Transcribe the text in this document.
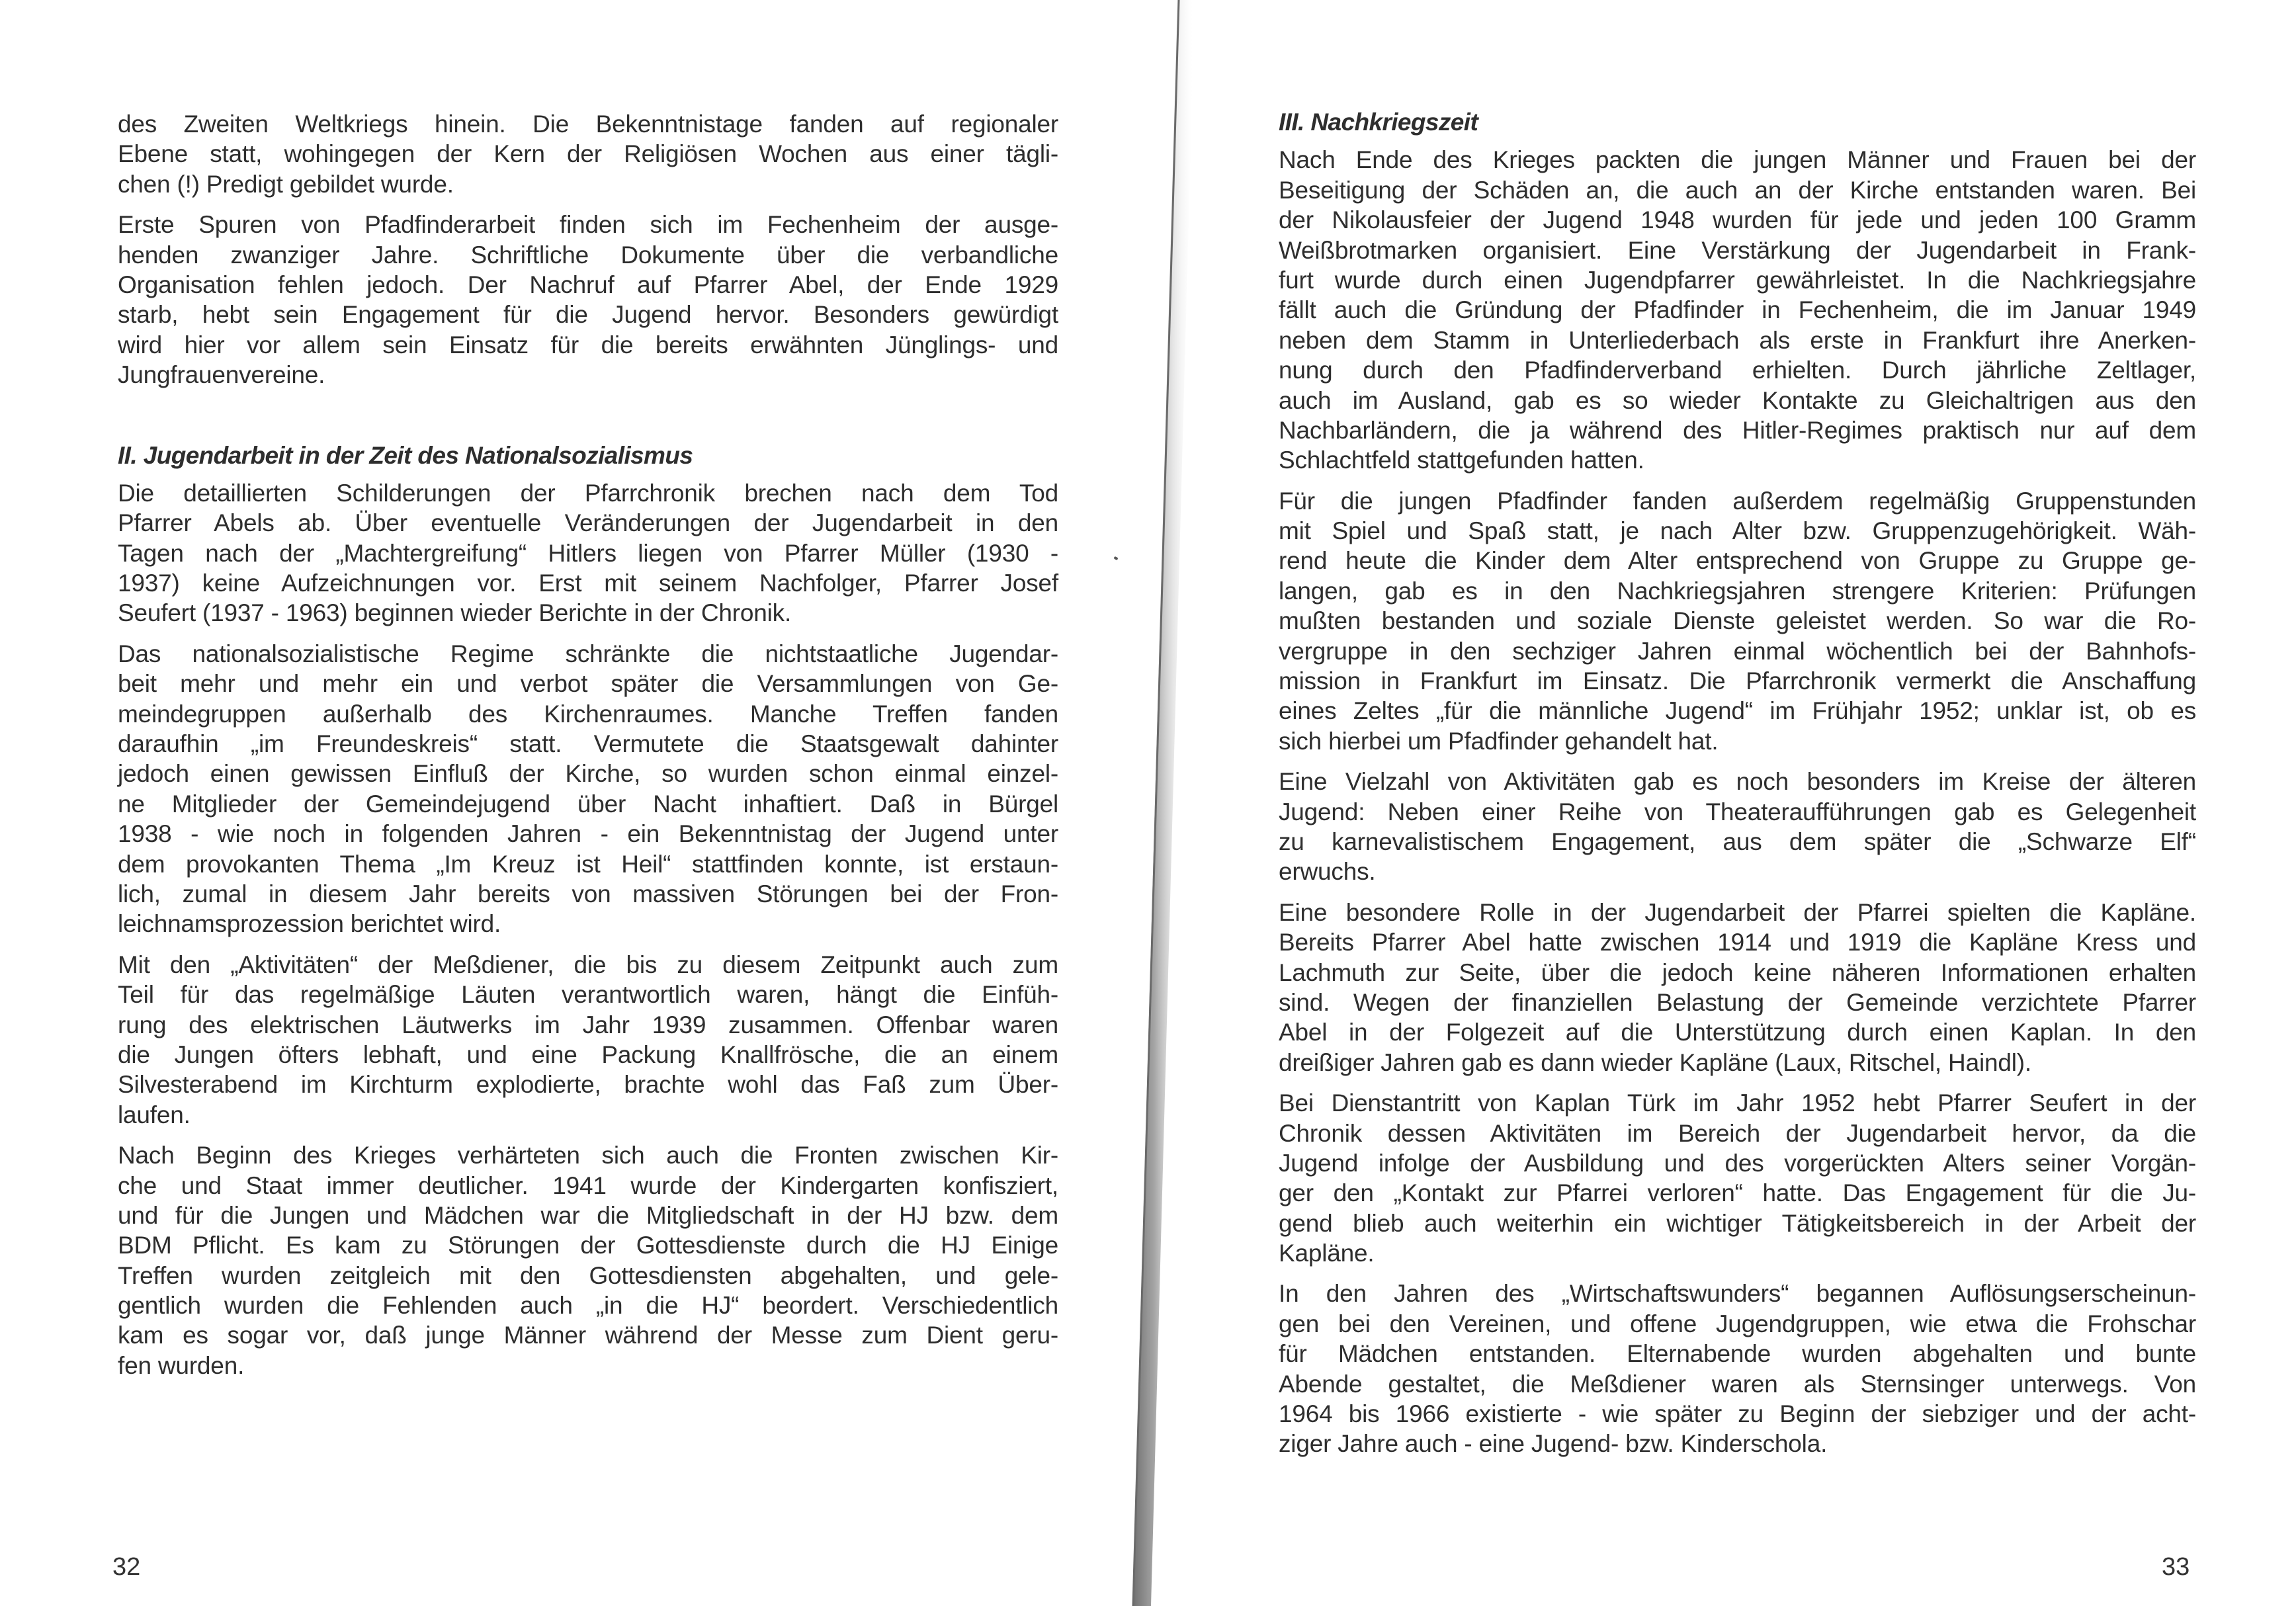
des Zweiten Weltkriegs hinein. Die Bekenntnistage fanden auf regionaler
Ebene statt, wohingegen der Kern der Religiösen Wochen aus einer tägli-
chen (!) Predigt gebildet wurde.
Erste Spuren von Pfadfinderarbeit finden sich im Fechenheim der ausge-
henden zwanziger Jahre. Schriftliche Dokumente über die verbandliche
Organisation fehlen jedoch. Der Nachruf auf Pfarrer Abel, der Ende 1929
starb, hebt sein Engagement für die Jugend hervor. Besonders gewürdigt
wird hier vor allem sein Einsatz für die bereits erwähnten Jünglings- und
Jungfrauenvereine.
II. Jugendarbeit in der Zeit des Nationalsozialismus
Die detaillierten Schilderungen der Pfarrchronik brechen nach dem Tod
Pfarrer Abels ab. Über eventuelle Veränderungen der Jugendarbeit in den
Tagen nach der „Machtergreifung“ Hitlers liegen von Pfarrer Müller (1930 -
1937) keine Aufzeichnungen vor. Erst mit seinem Nachfolger, Pfarrer Josef
Seufert (1937 - 1963) beginnen wieder Berichte in der Chronik.
Das nationalsozialistische Regime schränkte die nichtstaatliche Jugendar-
beit mehr und mehr ein und verbot später die Versammlungen von Ge-
meindegruppen außerhalb des Kirchenraumes. Manche Treffen fanden
daraufhin „im Freundeskreis“ statt. Vermutete die Staatsgewalt dahinter
jedoch einen gewissen Einfluß der Kirche, so wurden schon einmal einzel-
ne Mitglieder der Gemeindejugend über Nacht inhaftiert. Daß in Bürgel
1938 - wie noch in folgenden Jahren - ein Bekenntnistag der Jugend unter
dem provokanten Thema „Im Kreuz ist Heil“ stattfinden konnte, ist erstaun-
lich, zumal in diesem Jahr bereits von massiven Störungen bei der Fron-
leichnamsprozession berichtet wird.
Mit den „Aktivitäten“ der Meßdiener, die bis zu diesem Zeitpunkt auch zum
Teil für das regelmäßige Läuten verantwortlich waren, hängt die Einfüh-
rung des elektrischen Läutwerks im Jahr 1939 zusammen. Offenbar waren
die Jungen öfters lebhaft, und eine Packung Knallfrösche, die an einem
Silvesterabend im Kirchturm explodierte, brachte wohl das Faß zum Über-
laufen.
Nach Beginn des Krieges verhärteten sich auch die Fronten zwischen Kir-
che und Staat immer deutlicher. 1941 wurde der Kindergarten konfisziert,
und für die Jungen und Mädchen war die Mitgliedschaft in der HJ bzw. dem
BDM Pflicht. Es kam zu Störungen der Gottesdienste durch die HJ Einige
Treffen wurden zeitgleich mit den Gottesdiensten abgehalten, und gele-
gentlich wurden die Fehlenden auch „in die HJ“ beordert. Verschiedentlich
kam es sogar vor, daß junge Männer während der Messe zum Dient geru-
fen wurden.
32
III. Nachkriegszeit
Nach Ende des Krieges packten die jungen Männer und Frauen bei der
Beseitigung der Schäden an, die auch an der Kirche entstanden waren. Bei
der Nikolausfeier der Jugend 1948 wurden für jede und jeden 100 Gramm
Weißbrotmarken organisiert. Eine Verstärkung der Jugendarbeit in Frank-
furt wurde durch einen Jugendpfarrer gewährleistet. In die Nachkriegsjahre
fällt auch die Gründung der Pfadfinder in Fechenheim, die im Januar 1949
neben dem Stamm in Unterliederbach als erste in Frankfurt ihre Anerken-
nung durch den Pfadfinderverband erhielten. Durch jährliche Zeltlager,
auch im Ausland, gab es so wieder Kontakte zu Gleichaltrigen aus den
Nachbarländern, die ja während des Hitler-Regimes praktisch nur auf dem
Schlachtfeld stattgefunden hatten.
Für die jungen Pfadfinder fanden außerdem regelmäßig Gruppenstunden
mit Spiel und Spaß statt, je nach Alter bzw. Gruppenzugehörigkeit. Wäh-
rend heute die Kinder dem Alter entsprechend von Gruppe zu Gruppe ge-
langen, gab es in den Nachkriegsjahren strengere Kriterien: Prüfungen
mußten bestanden und soziale Dienste geleistet werden. So war die Ro-
vergruppe in den sechziger Jahren einmal wöchentlich bei der Bahnhofs-
mission in Frankfurt im Einsatz. Die Pfarrchronik vermerkt die Anschaffung
eines Zeltes „für die männliche Jugend“ im Frühjahr 1952; unklar ist, ob es
sich hierbei um Pfadfinder gehandelt hat.
Eine Vielzahl von Aktivitäten gab es noch besonders im Kreise der älteren
Jugend: Neben einer Reihe von Theateraufführungen gab es Gelegenheit
zu karnevalistischem Engagement, aus dem später die „Schwarze Elf“
erwuchs.
Eine besondere Rolle in der Jugendarbeit der Pfarrei spielten die Kapläne.
Bereits Pfarrer Abel hatte zwischen 1914 und 1919 die Kapläne Kress und
Lachmuth zur Seite, über die jedoch keine näheren Informationen erhalten
sind. Wegen der finanziellen Belastung der Gemeinde verzichtete Pfarrer
Abel in der Folgezeit auf die Unterstützung durch einen Kaplan. In den
dreißiger Jahren gab es dann wieder Kapläne (Laux, Ritschel, Haindl).
Bei Dienstantritt von Kaplan Türk im Jahr 1952 hebt Pfarrer Seufert in der
Chronik dessen Aktivitäten im Bereich der Jugendarbeit hervor, da die
Jugend infolge der Ausbildung und des vorgerückten Alters seiner Vorgän-
ger den „Kontakt zur Pfarrei verloren“ hatte. Das Engagement für die Ju-
gend blieb auch weiterhin ein wichtiger Tätigkeitsbereich in der Arbeit der
Kapläne.
In den Jahren des „Wirtschaftswunders“ begannen Auflösungserscheinun-
gen bei den Vereinen, und offene Jugendgruppen, wie etwa die Frohschar
für Mädchen entstanden. Elternabende wurden abgehalten und bunte
Abende gestaltet, die Meßdiener waren als Sternsinger unterwegs. Von
1964 bis 1966 existierte - wie später zu Beginn der siebziger und der acht-
ziger Jahre auch - eine Jugend- bzw. Kinderschola.
33
